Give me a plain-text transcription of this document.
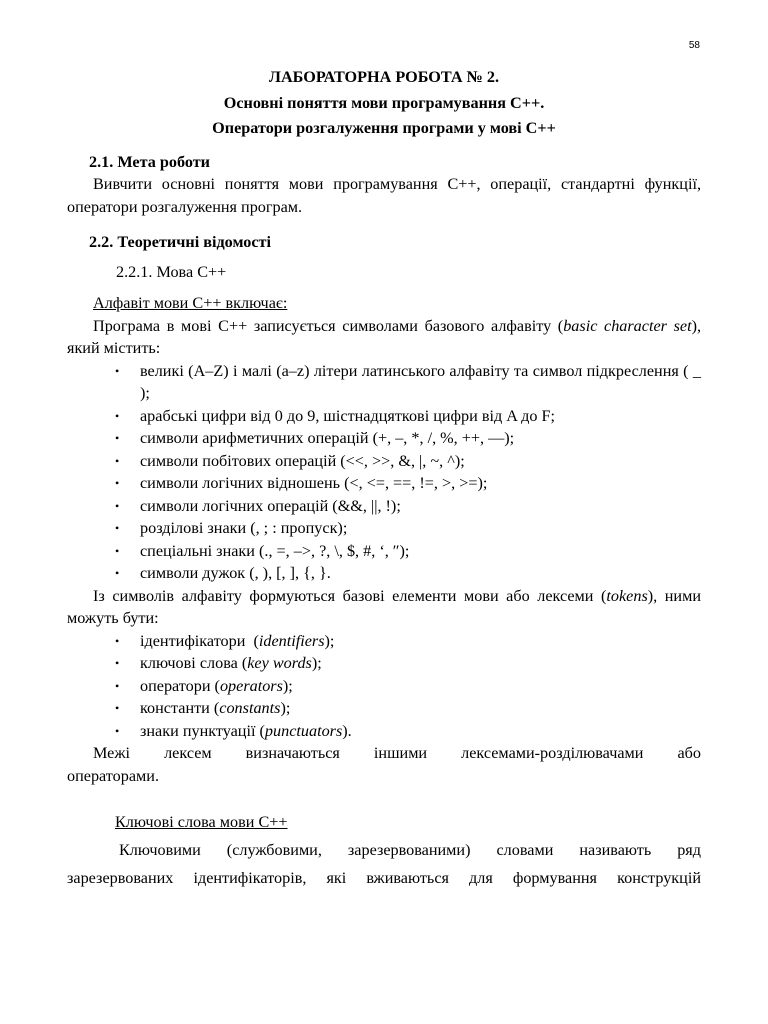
58
ЛАБОРАТОРНА РОБОТА № 2.
Основні поняття мови програмування С++.
Оператори розгалуження програми у мові С++
2.1. Мета роботи
Вивчити основні поняття мови програмування С++, операції, стандартні функції, оператори розгалуження програм.
2.2. Теоретичні відомості
2.2.1. Мова С++
Алфавіт мови С++ включає:
Програма в мові С++ записується символами базового алфавіту (basic character set), який містить:
• великі (A–Z) і малі (a–z) літери латинського алфавіту та символ підкреслення ( _ );
• арабські цифри від 0 до 9, шістнадцяткові цифри від A до F;
• символи арифметичних операцій (+, –, *, /, %, ++, —);
• символи побітових операцій (<<, >>, &, |, ~, ^);
• символи логічних відношень (<, <=, ==, !=, >, >=);
• символи логічних операцій (&&, ||, !);
• розділові знаки (, ; : пропуск);
• спеціальні знаки (., =, –>, ?, \, $, #, ‘, ″);
• символи дужок (, ), [, ], {, }.
Із символів алфавіту формуються базові елементи мови або лексеми (tokens), ними можуть бути:
• ідентифікатори  (identifiers);
• ключові слова (key words);
• оператори (operators);
• константи (constants);
• знаки пунктуації (punctuators).
Межі лексем визначаються іншими лексемами-розділювачами або операторами.
Ключові слова мови С++
Ключовими (службовими, зарезервованими) словами називають ряд зарезервованих ідентифікаторів, які вживаються для формування конструкцій
